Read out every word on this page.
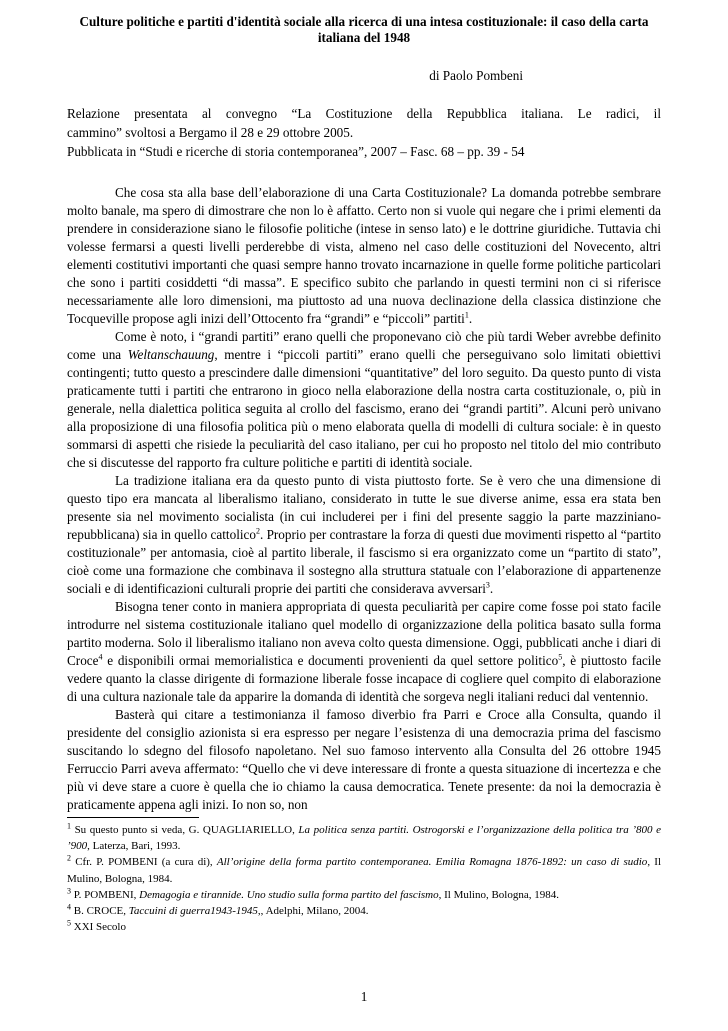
Culture politiche e partiti d'identità sociale alla ricerca di una intesa costituzionale: il caso della carta italiana del 1948

di Paolo Pombeni

Relazione presentata al convegno “La Costituzione della Repubblica italiana. Le radici, il

cammino” svoltosi a Bergamo il 28 e 29 ottobre 2005.

Pubblicata in “Studi e ricerche di storia contemporanea”, 2007 – Fasc. 68 – pp. 39 - 54

Che cosa sta alla base dell’elaborazione di una Carta Costituzionale? La domanda potrebbe sembrare molto banale, ma spero di dimostrare che non lo è affatto. Certo non si vuole qui negare che i primi elementi da prendere in considerazione siano le filosofie politiche (intese in senso lato) e le dottrine giuridiche. Tuttavia chi volesse fermarsi a questi livelli perderebbe di vista, almeno nel caso delle costituzioni del Novecento, altri elementi costitutivi importanti che quasi sempre hanno trovato incarnazione in quelle forme politiche particolari che sono i partiti cosiddetti “di massa”. E specifico subito che parlando in questi termini non ci si riferisce necessariamente alle loro dimensioni, ma piuttosto ad una nuova declinazione della classica distinzione che Tocqueville propose agli inizi dell’Ottocento fra “grandi” e “piccoli” partiti$^1$.

Come è noto, i “grandi partiti” erano quelli che proponevano ciò che più tardi Weber avrebbe definito come una Weltanschauung, mentre i “piccoli partiti” erano quelli che perseguivano solo limitati obiettivi contingenti; tutto questo a prescindere dalle dimensioni “quantitative” del loro seguito. Da questo punto di vista praticamente tutti i partiti che entrarono in gioco nella elaborazione della nostra carta costituzionale, o, più in generale, nella dialettica politica seguita al crollo del fascismo, erano dei “grandi partiti”. Alcuni però univano alla proposizione di una filosofia politica più o meno elaborata quella di modelli di cultura sociale: è in questo sommarsi di aspetti che risiede la peculiarità del caso italiano, per cui ho proposto nel titolo del mio contributo che si discutesse del rapporto fra culture politiche e partiti di identità sociale.

La tradizione italiana era da questo punto di vista piuttosto forte. Se è vero che una dimensione di questo tipo era mancata al liberalismo italiano, considerato in tutte le sue diverse anime, essa era stata ben presente sia nel movimento socialista (in cui includerei per i fini del presente saggio la parte mazziniano-repubblicana) sia in quello cattolico$^2$. Proprio per contrastare la forza di questi due movimenti rispetto al “partito costituzionale” per antomasia, cioè al partito liberale, il fascismo si era organizzato come un “partito di stato”, cioè come una formazione che combinava il sostegno alla struttura statuale con l’elaborazione di appartenenze sociali e di identificazioni culturali proprie dei partiti che considerava avversari$^3$.

Bisogna tener conto in maniera appropriata di questa peculiarità per capire come fosse poi stato facile introdurre nel sistema costituzionale italiano quel modello di organizzazione della politica basato sulla forma partito moderna. Solo il liberalismo italiano non aveva colto questa dimensione. Oggi, pubblicati anche i diari di Croce$^4$ e disponibili ormai memorialistica e documenti provenienti da quel settore politico$^5$, è piuttosto facile vedere quanto la classe dirigente di formazione liberale fosse incapace di cogliere quel compito di elaborazione di una cultura nazionale tale da apparire la domanda di identità che sorgeva negli italiani reduci dal ventennio.

Basterà qui citare a testimonianza il famoso diverbio fra Parri e Croce alla Consulta, quando il presidente del consiglio azionista si era espresso per negare l’esistenza di una democrazia prima del fascismo suscitando lo sdegno del filosofo napoletano. Nel suo famoso intervento alla Consulta del 26 ottobre 1945 Ferruccio Parri aveva affermato: “Quello che vi deve interessare di fronte a questa situazione di incertezza e che più vi deve stare a cuore è quella che io chiamo la causa democratica. Tenete presente: da noi la democrazia è praticamente appena agli inizi. Io non so, non

$^1$ Su questo punto si veda, G. QUAGLIARIELLO, La politica senza partiti. Ostrogorski e l’organizzazione della politica tra ’800 e ’900, Laterza, Bari, 1993.

$^2$ Cfr. P. POMBENI (a cura di), All’origine della forma partito contemporanea. Emilia Romagna 1876-1892: un caso di sudio, Il Mulino, Bologna, 1984.

$^3$ P. POMBENI, Demagogia e tirannide. Uno studio sulla forma partito del fascismo, Il Mulino, Bologna, 1984.

$^4$ B. CROCE, Taccuini di guerra1943-1945,, Adelphi, Milano, 2004.

$^5$ XXI Secolo

1
